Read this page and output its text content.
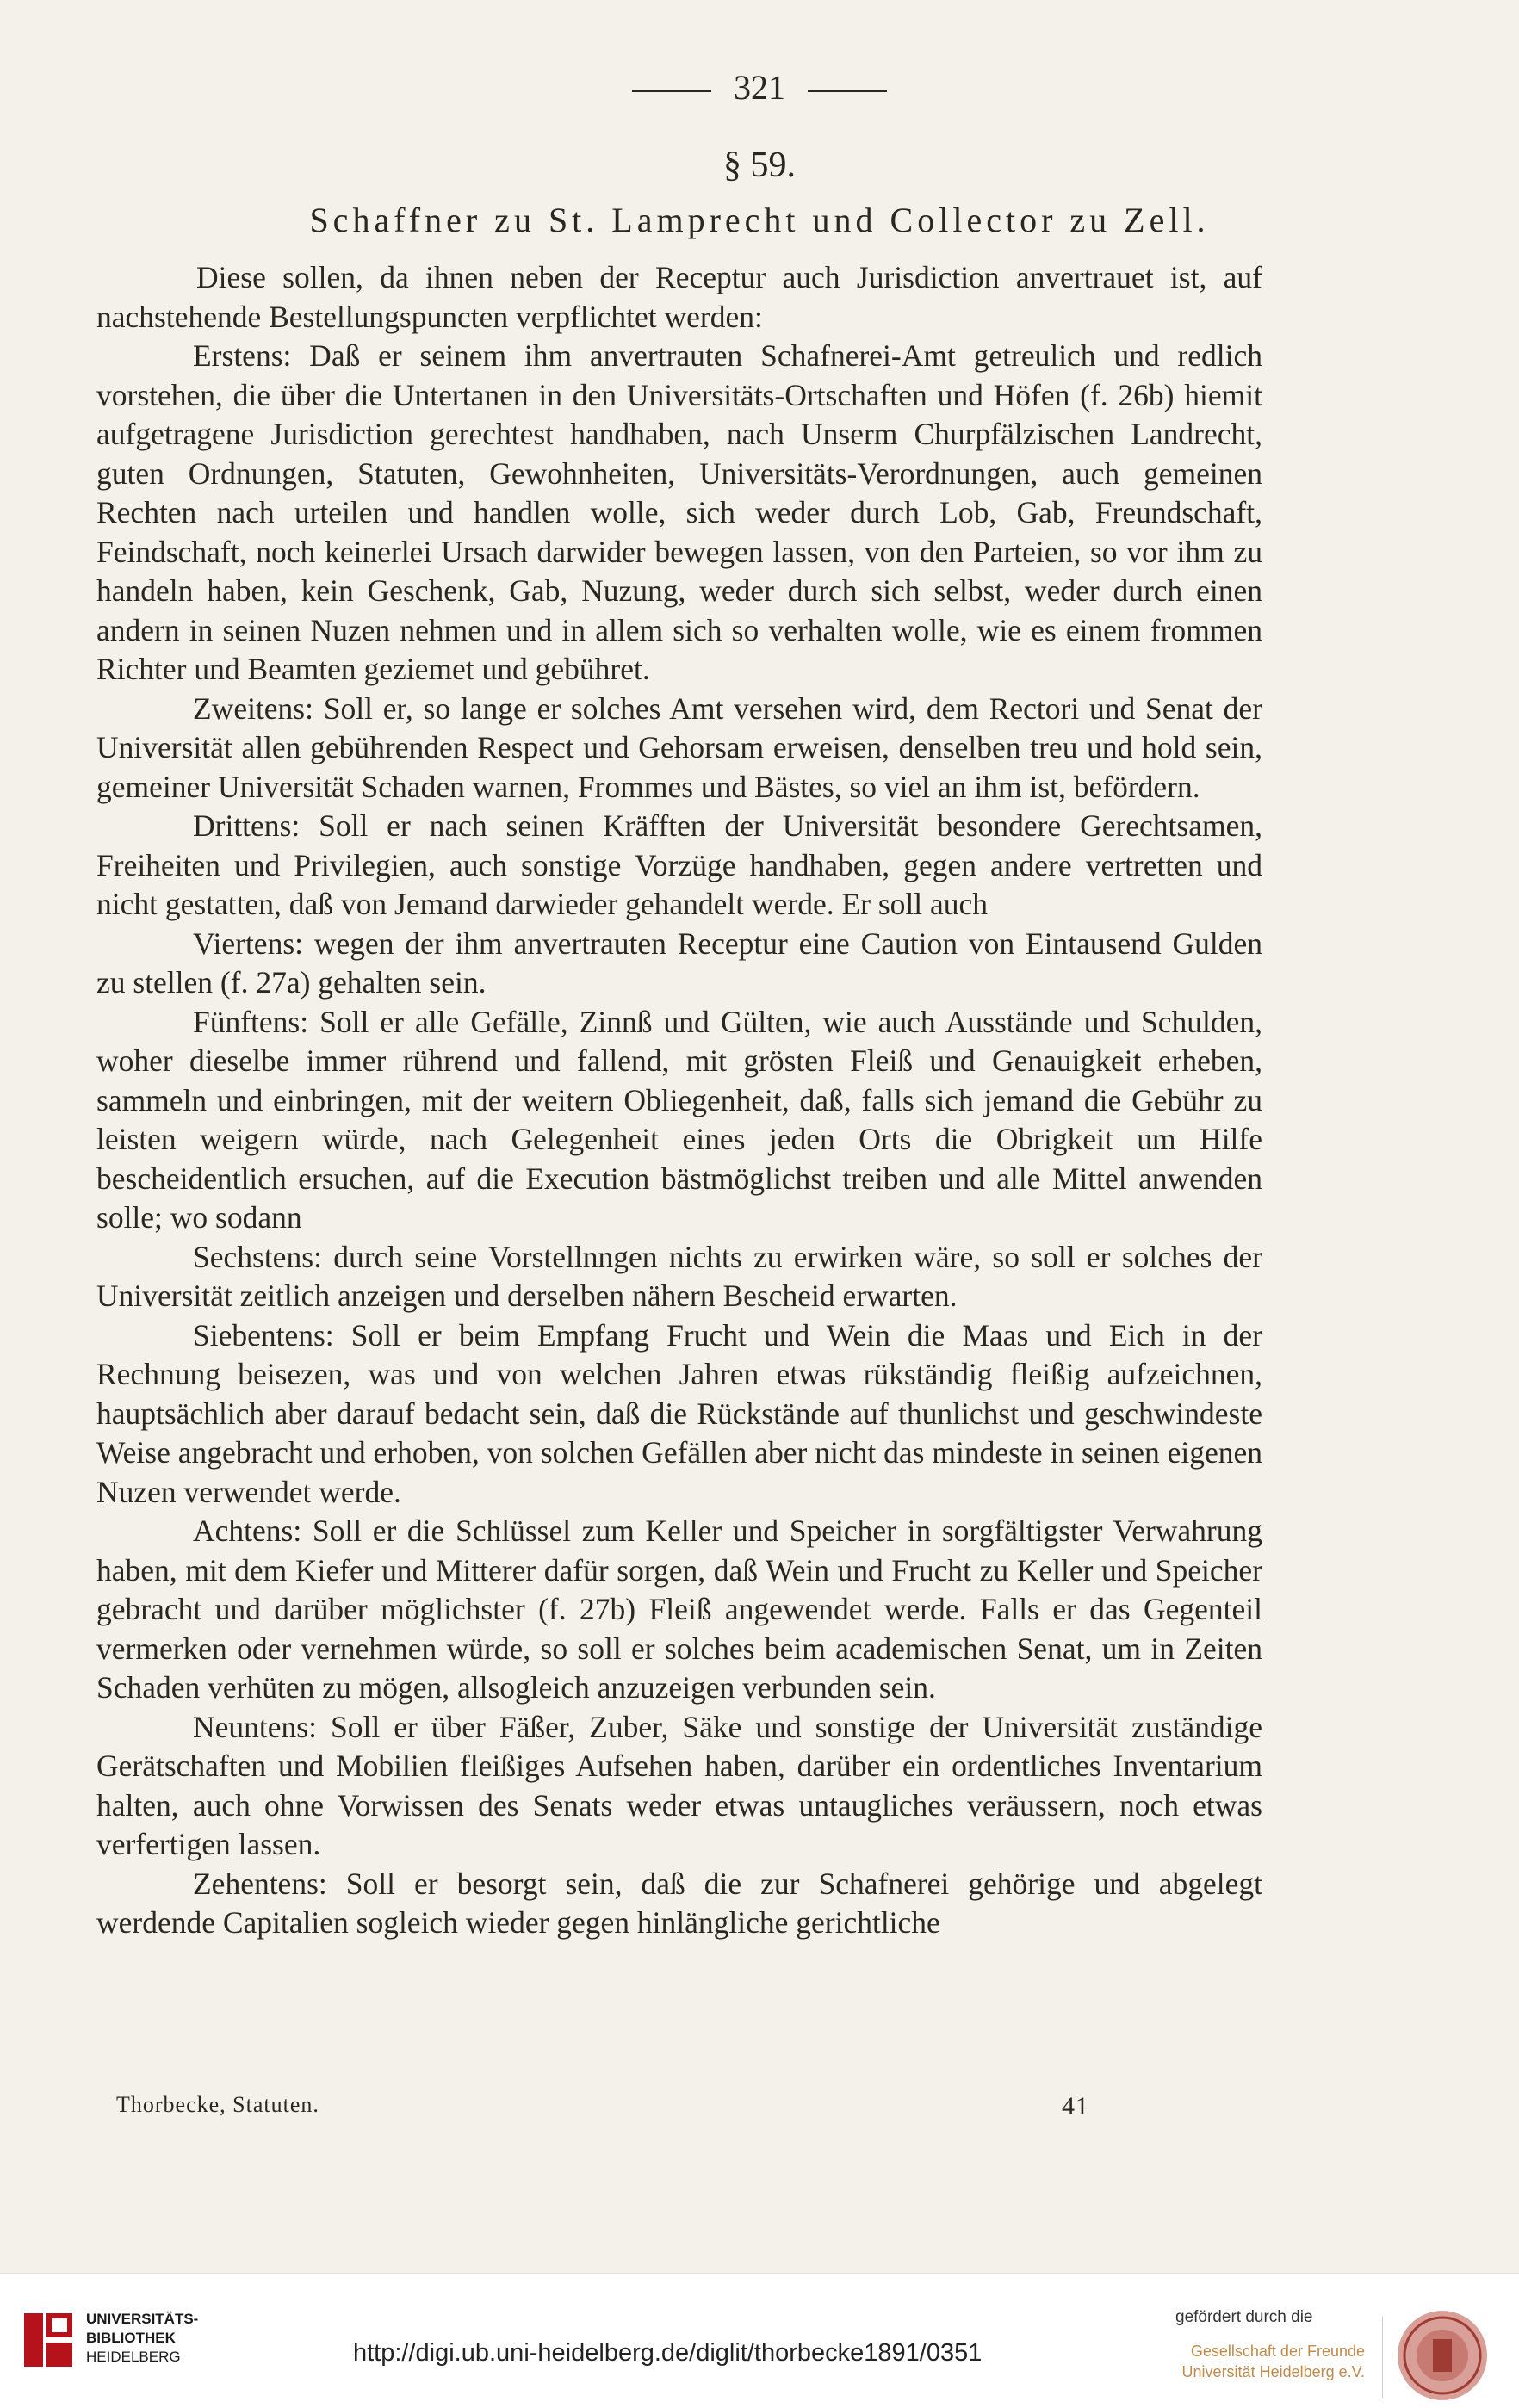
321
§ 59.
Schaffner zu St. Lamprecht und Collector zu Zell.

Diese sollen, da ihnen neben der Receptur auch Jurisdiction anvertrauet ist, auf nachstehende Bestellungspuncten verpflichtet werden:

Erstens: Daß er seinem ihm anvertrauten Schafnerei-Amt getreulich und redlich vorstehen, die über die Untertanen in den Universitäts-Ortschaften und Höfen (f. 26b) hiemit aufgetragene Jurisdiction gerechtest handhaben, nach Unserm Churpfälzischen Landrecht, guten Ordnungen, Statuten, Gewohnheiten, Universitäts-Verordnungen, auch gemeinen Rechten nach urteilen und handlen wolle, sich weder durch Lob, Gab, Freundschaft, Feindschaft, noch keinerlei Ursach darwider bewegen lassen, von den Parteien, so vor ihm zu handeln haben, kein Geschenk, Gab, Nuzung, weder durch sich selbst, weder durch einen andern in seinen Nuzen nehmen und in allem sich so verhalten wolle, wie es einem frommen Richter und Beamten geziemet und gebühret.

Zweitens: Soll er, so lange er solches Amt versehen wird, dem Rectori und Senat der Universität allen gebührenden Respect und Gehorsam erweisen, denselben treu und hold sein, gemeiner Universität Schaden warnen, Frommes und Bästes, so viel an ihm ist, befördern.

Drittens: Soll er nach seinen Kräfften der Universität besondere Gerechtsamen, Freiheiten und Privilegien, auch sonstige Vorzüge handhaben, gegen andere vertretten und nicht gestatten, daß von Jemand darwieder gehandelt werde. Er soll auch

Viertens: wegen der ihm anvertrauten Receptur eine Caution von Eintausend Gulden zu stellen (f. 27a) gehalten sein.

Fünftens: Soll er alle Gefälle, Zinnß und Gülten, wie auch Ausstände und Schulden, woher dieselbe immer rührend und fallend, mit grösten Fleiß und Genauigkeit erheben, sammeln und einbringen, mit der weitern Obliegenheit, daß, falls sich jemand die Gebühr zu leisten weigern würde, nach Gelegenheit eines jeden Orts die Obrigkeit um Hilfe bescheidentlich ersuchen, auf die Execution bästmöglichst treiben und alle Mittel anwenden solle; wo sodann

Sechstens: durch seine Vorstellnngen nichts zu erwirken wäre, so soll er solches der Universität zeitlich anzeigen und derselben nähern Bescheid erwarten.

Siebentens: Soll er beim Empfang Frucht und Wein die Maas und Eich in der Rechnung beisezen, was und von welchen Jahren etwas rükständig fleißig aufzeichnen, hauptsächlich aber darauf bedacht sein, daß die Rückstände auf thunlichst und geschwindeste Weise angebracht und erhoben, von solchen Gefällen aber nicht das mindeste in seinen eigenen Nuzen verwendet werde.

Achtens: Soll er die Schlüssel zum Keller und Speicher in sorgfältigster Verwahrung haben, mit dem Kiefer und Mitterer dafür sorgen, daß Wein und Frucht zu Keller und Speicher gebracht und darüber möglichster (f. 27b) Fleiß angewendet werde. Falls er das Gegenteil vermerken oder vernehmen würde, so soll er solches beim academischen Senat, um in Zeiten Schaden verhüten zu mögen, allsogleich anzuzeigen verbunden sein.

Neuntens: Soll er über Fäßer, Zuber, Säke und sonstige der Universität zuständige Gerätschaften und Mobilien fleißiges Aufsehen haben, darüber ein ordentliches Inventarium halten, auch ohne Vorwissen des Senats weder etwas untaugliches veräussern, noch etwas verfertigen lassen.

Zehentens: Soll er besorgt sein, daß die zur Schafnerei gehörige und abgelegt werdende Capitalien sogleich wieder gegen hinlängliche gerichtliche

Thorbecke, Statuten.	41
UNIVERSITÄTS-
BIBLIOTHEK
HEIDELBERG	http://digi.ub.uni-heidelberg.de/diglit/thorbecke1891/0351
gefördert durch die
Gesellschaft der Freunde
Universität Heidelberg e.V.
